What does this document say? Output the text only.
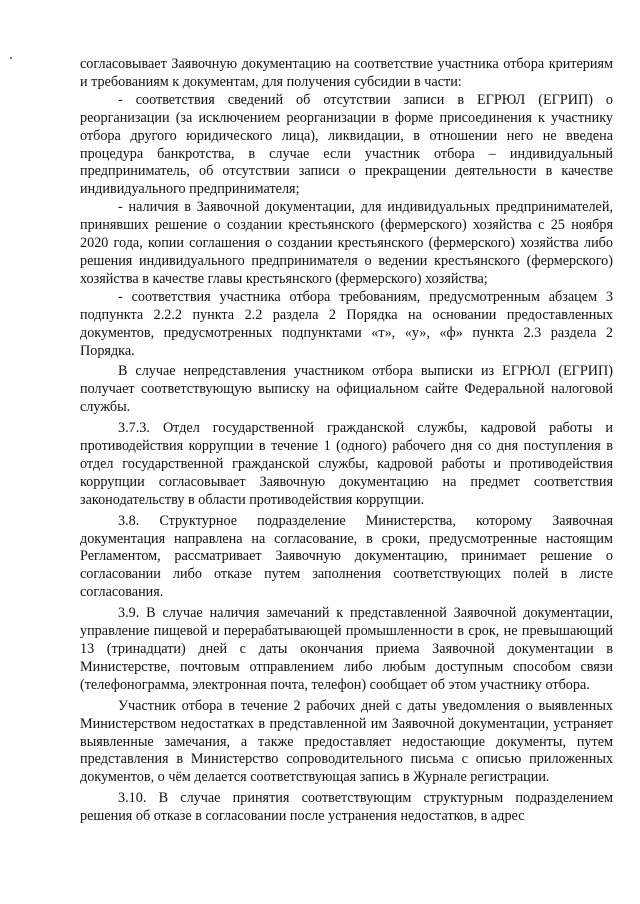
согласовывает Заявочную документацию на соответствие участника отбора критериям и требованиям к документам, для получения субсидии в части:

- соответствия сведений об отсутствии записи в ЕГРЮЛ (ЕГРИП) о реорганизации (за исключением реорганизации в форме присоединения к участнику отбора другого юридического лица), ликвидации, в отношении него не введена процедура банкротства, в случае если участник отбора – индивидуальный предприниматель, об отсутствии записи о прекращении деятельности в качестве индивидуального предпринимателя;

- наличия в Заявочной документации, для индивидуальных предпринимателей, принявших решение о создании крестьянского (фермерского) хозяйства с 25 ноября 2020 года, копии соглашения о создании крестьянского (фермерского) хозяйства либо решения индивидуального предпринимателя о ведении крестьянского (фермерского) хозяйства в качестве главы крестьянского (фермерского) хозяйства;

- соответствия участника отбора требованиям, предусмотренным абзацем 3 подпункта 2.2.2 пункта 2.2 раздела 2 Порядка на основании предоставленных документов, предусмотренных подпунктами «т», «у», «ф» пункта 2.3 раздела 2 Порядка.

В случае непредставления участником отбора выписки из ЕГРЮЛ (ЕГРИП) получает соответствующую выписку на официальном сайте Федеральной налоговой службы.

3.7.3. Отдел государственной гражданской службы, кадровой работы и противодействия коррупции в течение 1 (одного) рабочего дня со дня поступления в отдел государственной гражданской службы, кадровой работы и противодействия коррупции согласовывает Заявочную документацию на предмет соответствия законодательству в области противодействия коррупции.

3.8. Структурное подразделение Министерства, которому Заявочная документация направлена на согласование, в сроки, предусмотренные настоящим Регламентом, рассматривает Заявочную документацию, принимает решение о согласовании либо отказе путем заполнения соответствующих полей в листе согласования.

3.9. В случае наличия замечаний к представленной Заявочной документации, управление пищевой и перерабатывающей промышленности в срок, не превышающий 13 (тринадцати) дней с даты окончания приема Заявочной документации в Министерстве, почтовым отправлением либо любым доступным способом связи (телефонограмма, электронная почта, телефон) сообщает об этом участнику отбора.

Участник отбора в течение 2 рабочих дней с даты уведомления о выявленных Министерством недостатках в представленной им Заявочной документации, устраняет выявленные замечания, а также предоставляет недостающие документы, путем представления в Министерство сопроводительного письма с описью приложенных документов, о чём делается соответствующая запись в Журнале регистрации.

3.10. В случае принятия соответствующим структурным подразделением решения об отказе в согласовании после устранения недостатков, в адрес
